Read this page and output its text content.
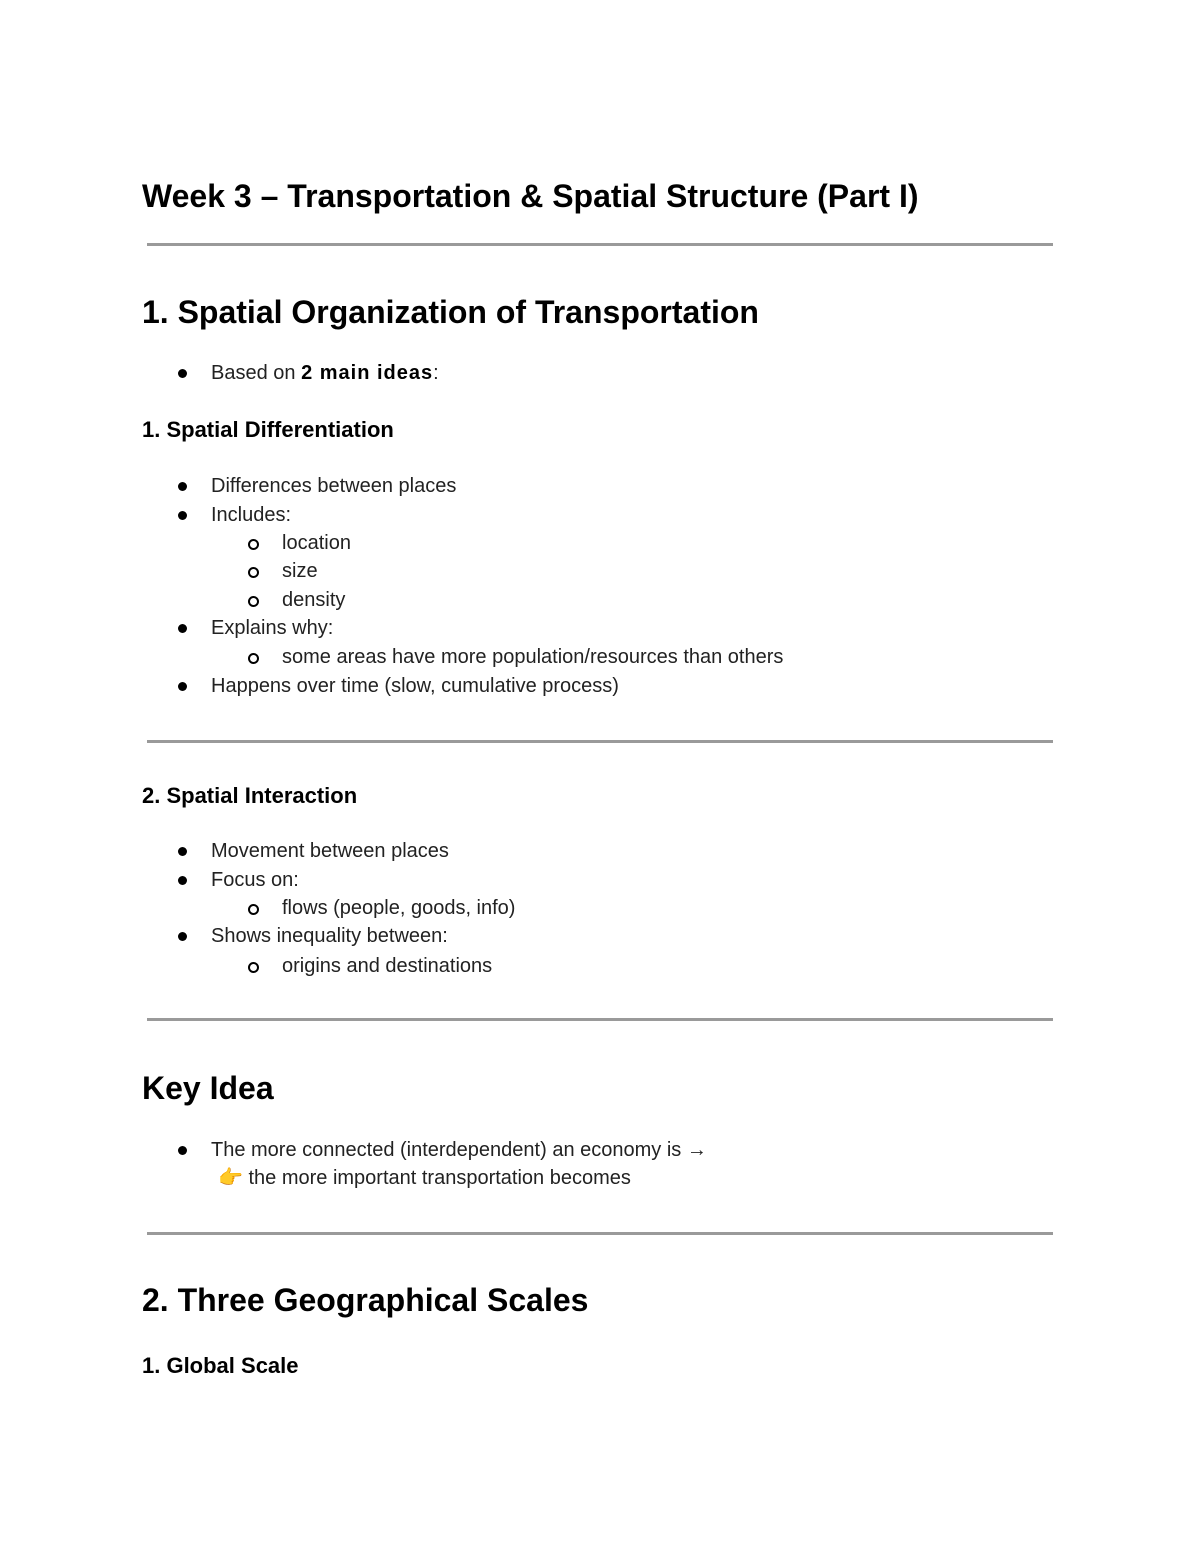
Week 3 – Transportation & Spatial Structure (Part I)
1. Spatial Organization of Transportation
Based on 2 main ideas:
1. Spatial Differentiation
Differences between places
Includes:
location
size
density
Explains why:
some areas have more population/resources than others
Happens over time (slow, cumulative process)
2. Spatial Interaction
Movement between places
Focus on:
flows (people, goods, info)
Shows inequality between:
origins and destinations
Key Idea
The more connected (interdependent) an economy is →
👉 the more important transportation becomes
2. Three Geographical Scales
1. Global Scale
